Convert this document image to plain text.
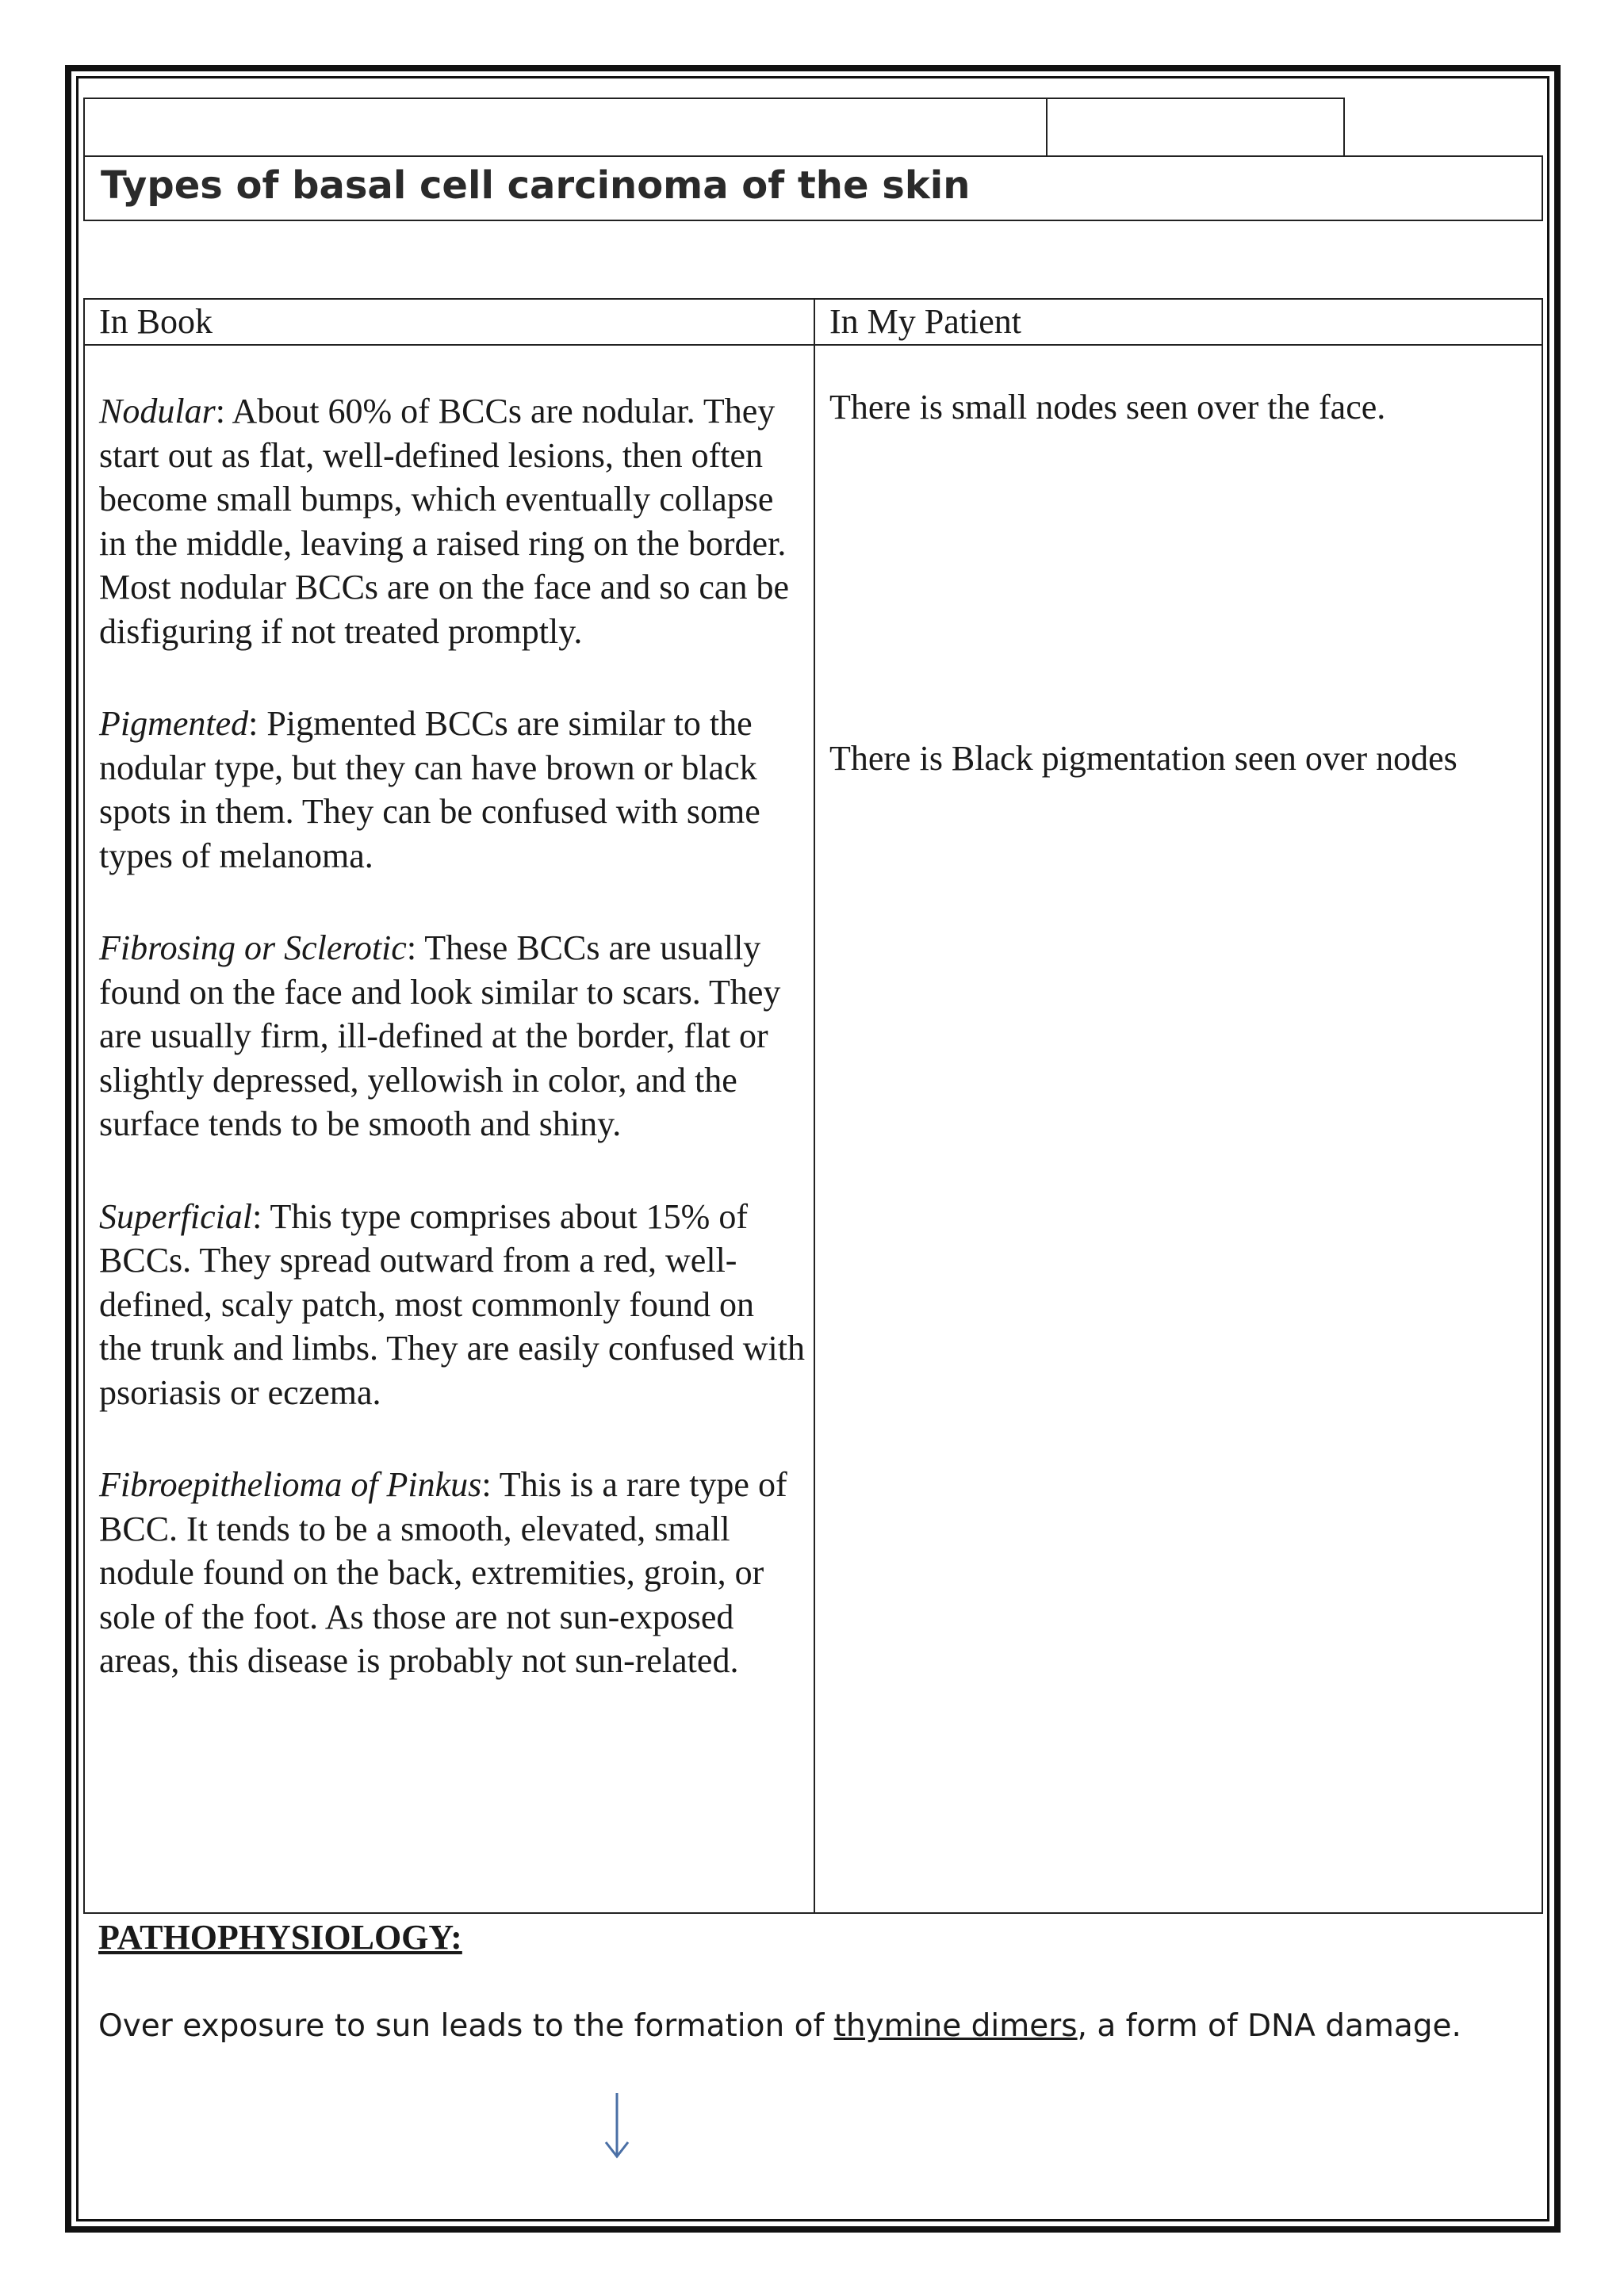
Types of basal cell carcinoma of the skin
In Book	In My Patient

Nodular: About 60% of BCCs are nodular. They start out as flat, well-defined lesions, then often become small bumps, which eventually collapse in the middle, leaving a raised ring on the border. Most nodular BCCs are on the face and so can be disfiguring if not treated promptly.

Pigmented: Pigmented BCCs are similar to the nodular type, but they can have brown or black spots in them. They can be confused with some types of melanoma.

Fibrosing or Sclerotic: These BCCs are usually found on the face and look similar to scars. They are usually firm, ill-defined at the border, flat or slightly depressed, yellowish in color, and the surface tends to be smooth and shiny.

Superficial: This type comprises about 15% of BCCs. They spread outward from a red, well-defined, scaly patch, most commonly found on the trunk and limbs. They are easily confused with psoriasis or eczema.

Fibroepithelioma of Pinkus: This is a rare type of BCC. It tends to be a smooth, elevated, small nodule found on the back, extremities, groin, or sole of the foot. As those are not sun-exposed areas, this disease is probably not sun-related.

There is small nodes seen over the face.
There is Black pigmentation seen over nodes
PATHOPHYSIOLOGY:
Over exposure to sun leads to the formation of thymine dimers, a form of DNA damage.
